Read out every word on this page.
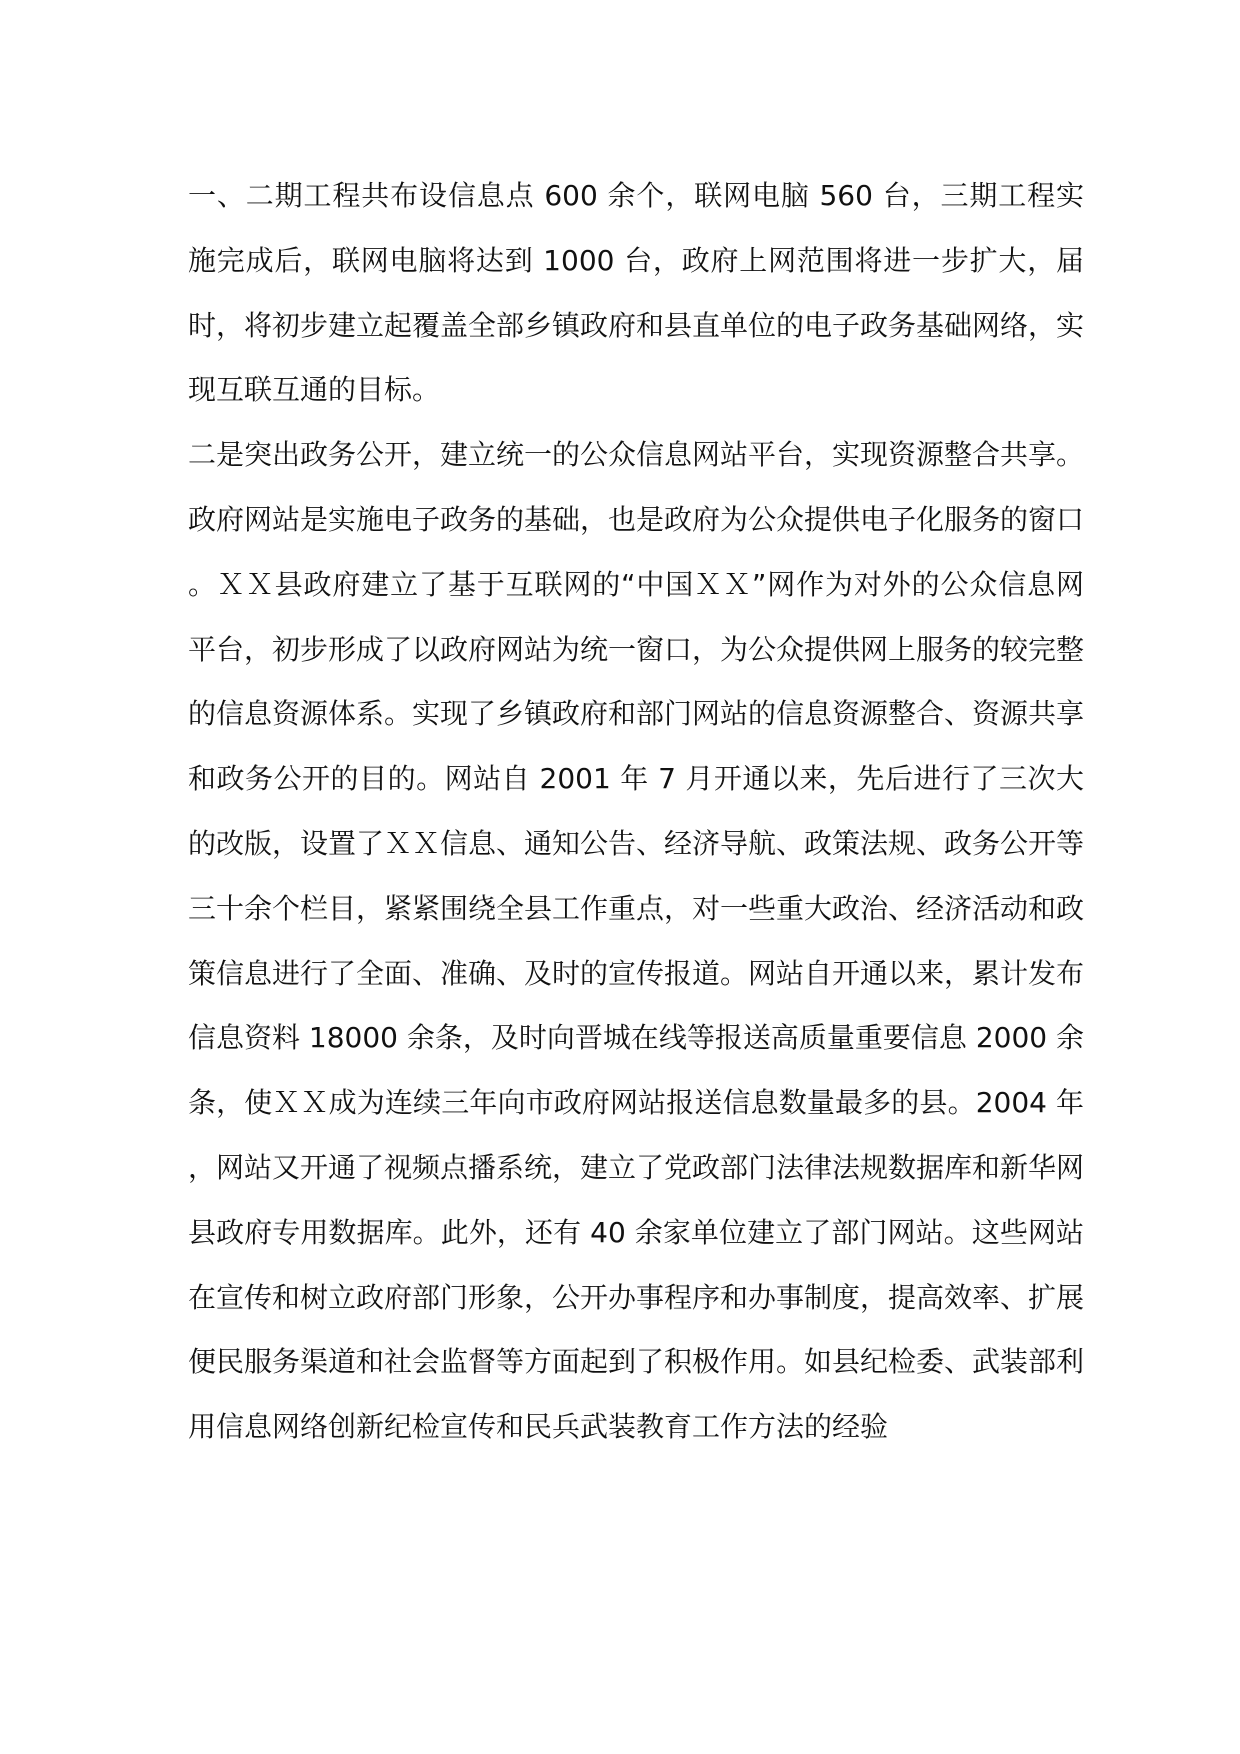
一、二期工程共布设信息点 600 余个，联网电脑 560 台，三期工程实施完成后，联网电脑将达到 1000 台，政府上网范围将进一步扩大，届时，将初步建立起覆盖全部乡镇政府和县直单位的电子政务基础网络，实现互联互通的目标。

二是突出政务公开，建立统一的公众信息网站平台，实现资源整合共享。

政府网站是实施电子政务的基础，也是政府为公众提供电子化服务的窗口。ＸＸ县政府建立了基于互联网的“中国ＸＸ”网作为对外的公众信息网平台，初步形成了以政府网站为统一窗口，为公众提供网上服务的较完整的信息资源体系。实现了乡镇政府和部门网站的信息资源整合、资源共享和政务公开的目的。网站自 2001 年 7 月开通以来，先后进行了三次大的改版，设置了ＸＸ信息、通知公告、经济导航、政策法规、政务公开等三十余个栏目，紧紧围绕全县工作重点，对一些重大政治、经济活动和政策信息进行了全面、准确、及时的宣传报道。网站自开通以来，累计发布信息资料 18000 余条，及时向晋城在线等报送高质量重要信息 2000 余条，使ＸＸ成为连续三年向市政府网站报送信息数量最多的县。2004 年，网站又开通了视频点播系统，建立了党政部门法律法规数据库和新华网县政府专用数据库。此外，还有 40 余家单位建立了部门网站。这些网站在宣传和树立政府部门形象，公开办事程序和办事制度，提高效率、扩展便民服务渠道和社会监督等方面起到了积极作用。如县纪检委、武装部利用信息网络创新纪检宣传和民兵武装教育工作方法的经验
